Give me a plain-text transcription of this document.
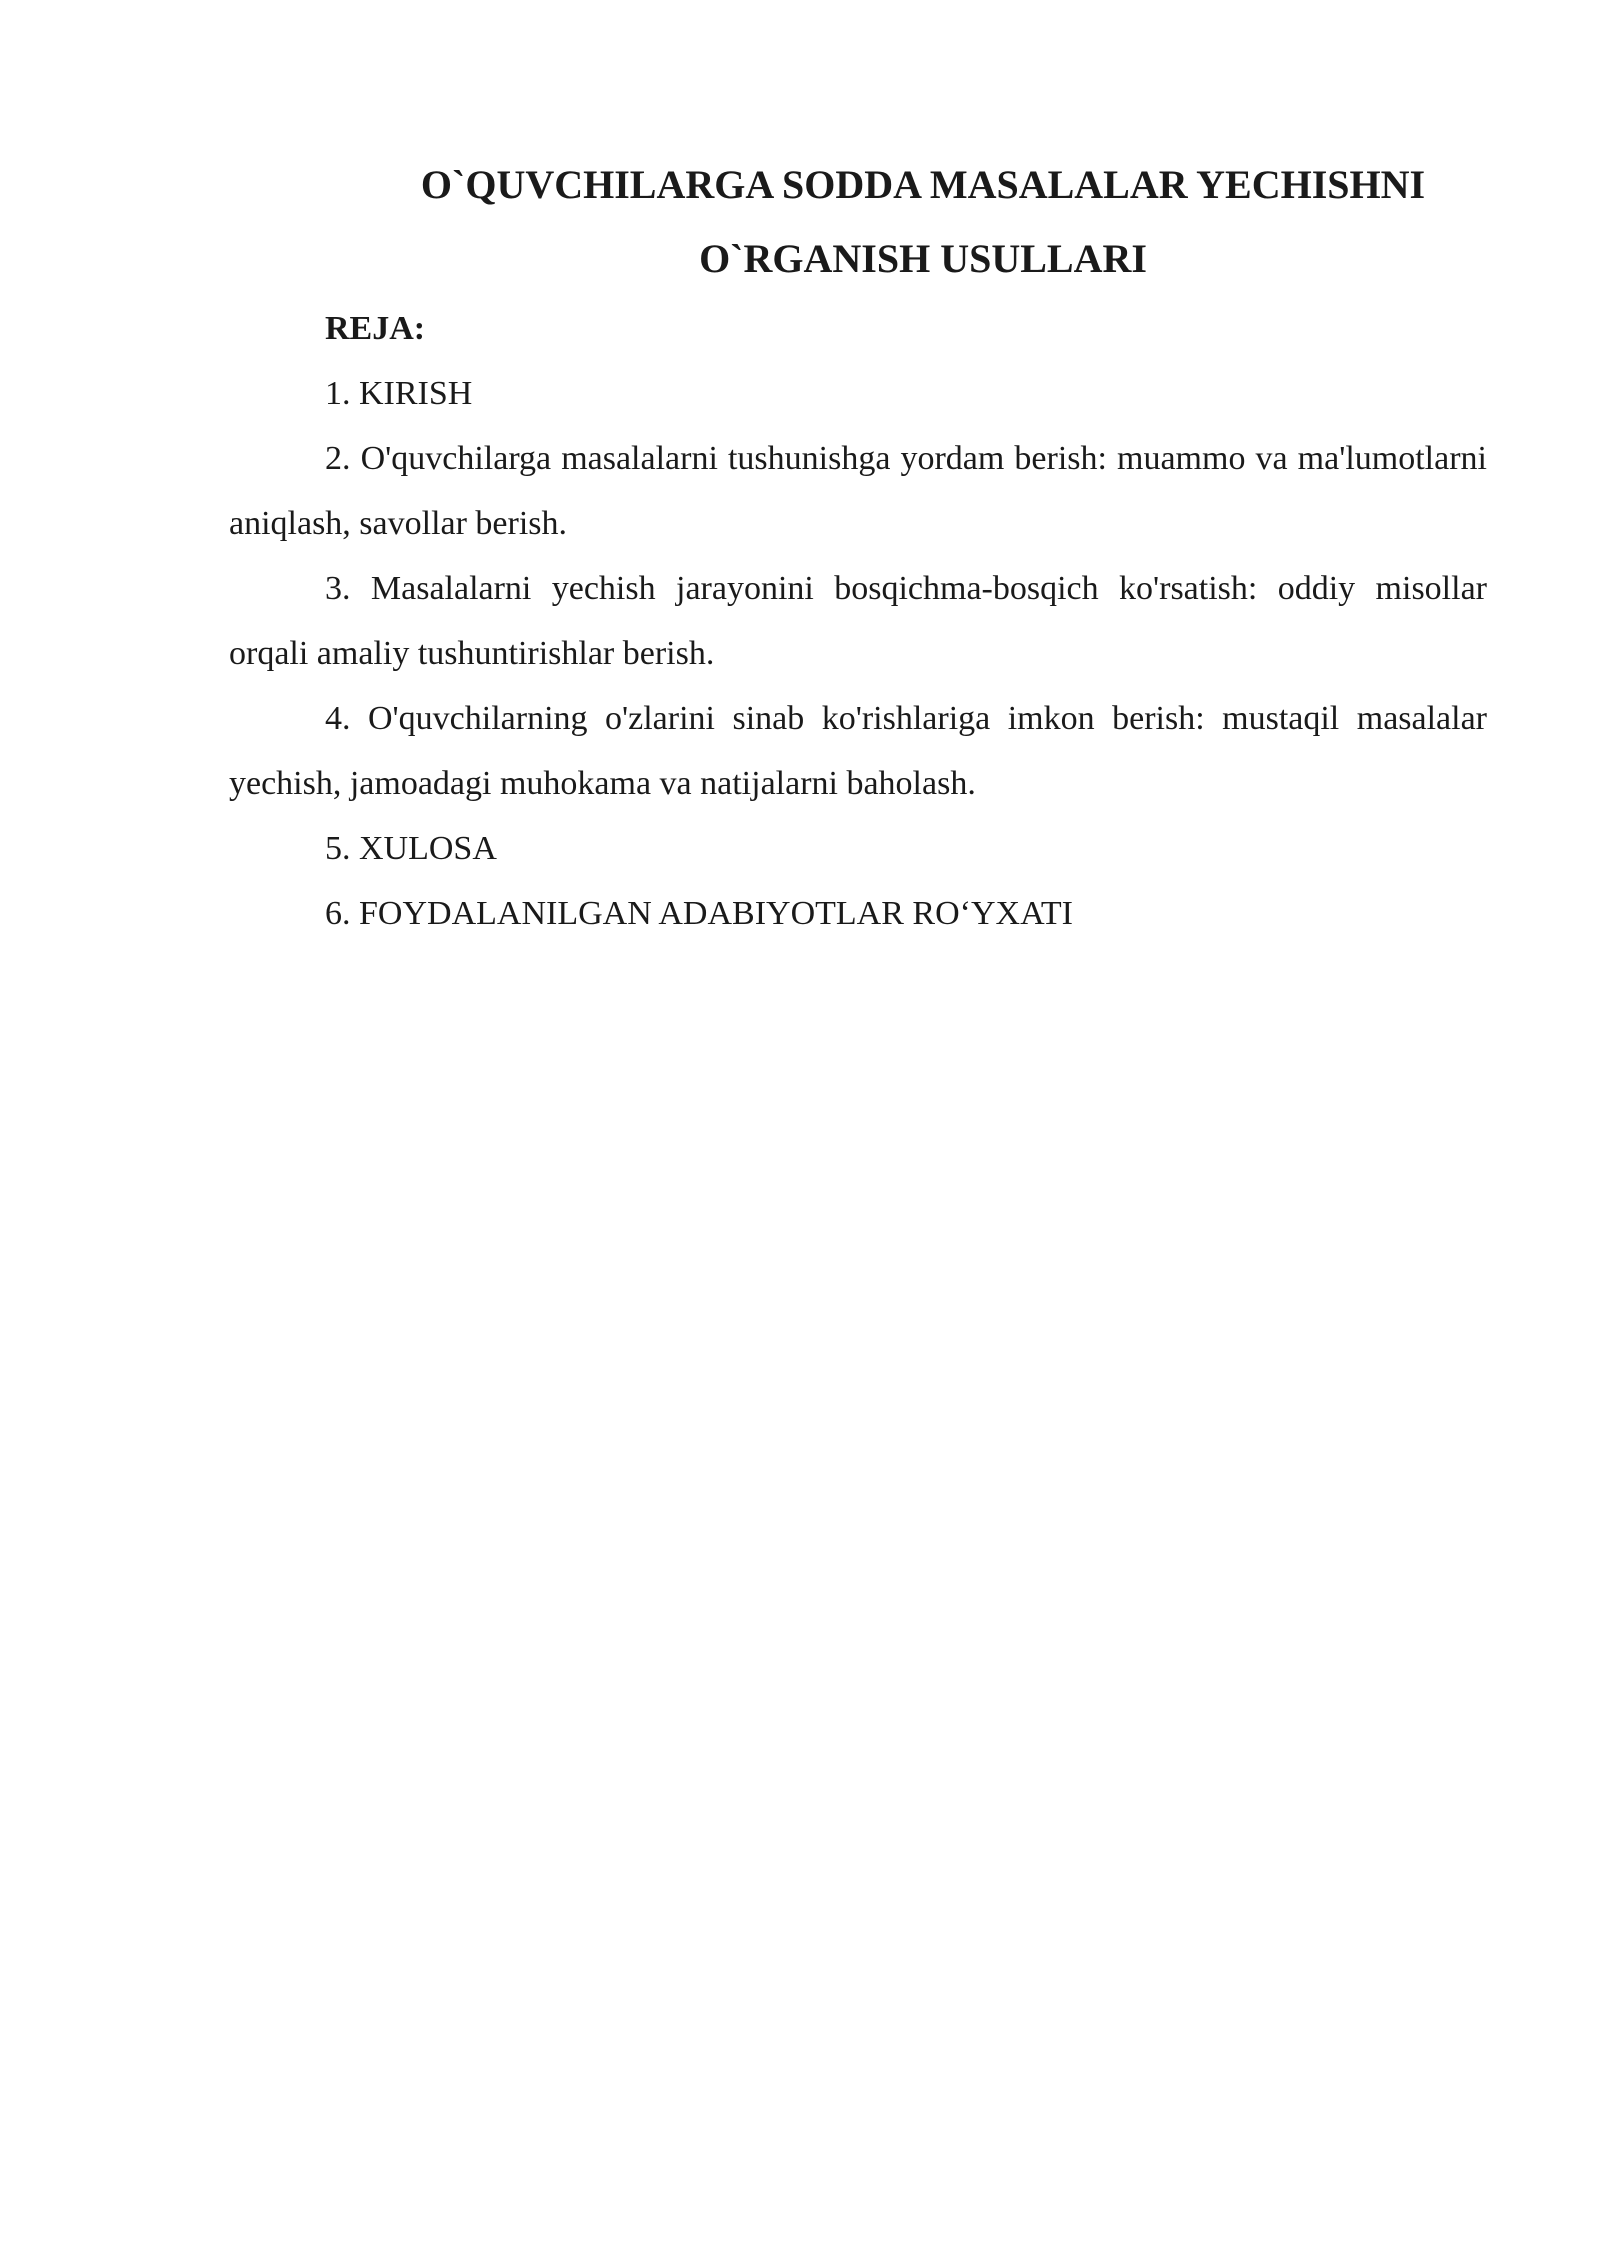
O`QUVCHILARGA SODDA MASALALAR YECHISHNI
O`RGANISH USULLARI

REJA:

1. KIRISH

2. O'quvchilarga masalalarni tushunishga yordam berish: muammo va ma'lumotlarni aniqlash, savollar berish.

3. Masalalarni yechish jarayonini bosqichma-bosqich ko'rsatish: oddiy misollar orqali amaliy tushuntirishlar berish.

4. O'quvchilarning o'zlarini sinab ko'rishlariga imkon berish: mustaqil masalalar yechish, jamoadagi muhokama va natijalarni baholash.

5. XULOSA

6. FOYDALANILGAN ADABIYOTLAR RO‘YXATI
